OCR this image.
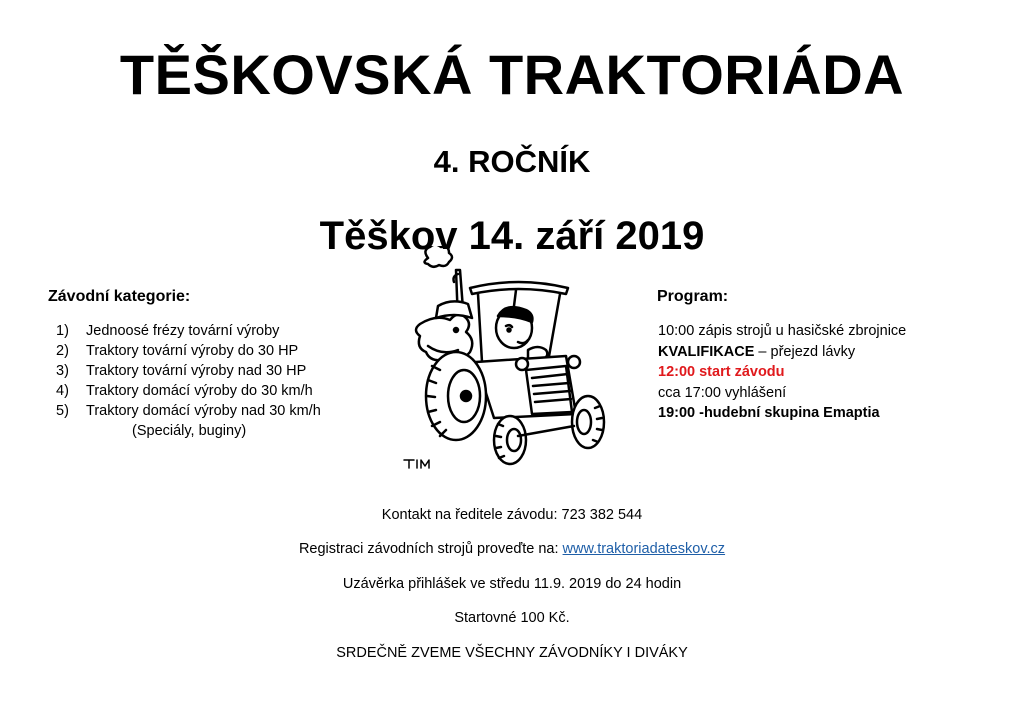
TĚŠKOVSKÁ TRAKTORIÁDA
4. ROČNÍK
Těškov 14. září 2019
Závodní kategorie:
1)	Jednoosé frézy tovární výroby
2)	Traktory tovární výroby do 30 HP
3)	Traktory tovární výroby nad 30 HP
4)	Traktory domácí výroby do 30 km/h
5)	Traktory domácí výroby nad 30 km/h
(Speciály, buginy)
Program:
10:00 zápis strojů u hasičské zbrojnice
KVALIFIKACE – přejezd lávky
12:00 start závodu
cca 17:00 vyhlášení
19:00 -hudební skupina Emaptia
Kontakt na ředitele závodu: 723 382 544
Registraci závodních strojů proveďte na: www.traktoriadateskov.cz
Uzávěrka přihlášek ve středu 11.9. 2019 do 24 hodin
Startovné 100 Kč.
SRDEČNĚ ZVEME VŠECHNY ZÁVODNÍKY I DIVÁKY
